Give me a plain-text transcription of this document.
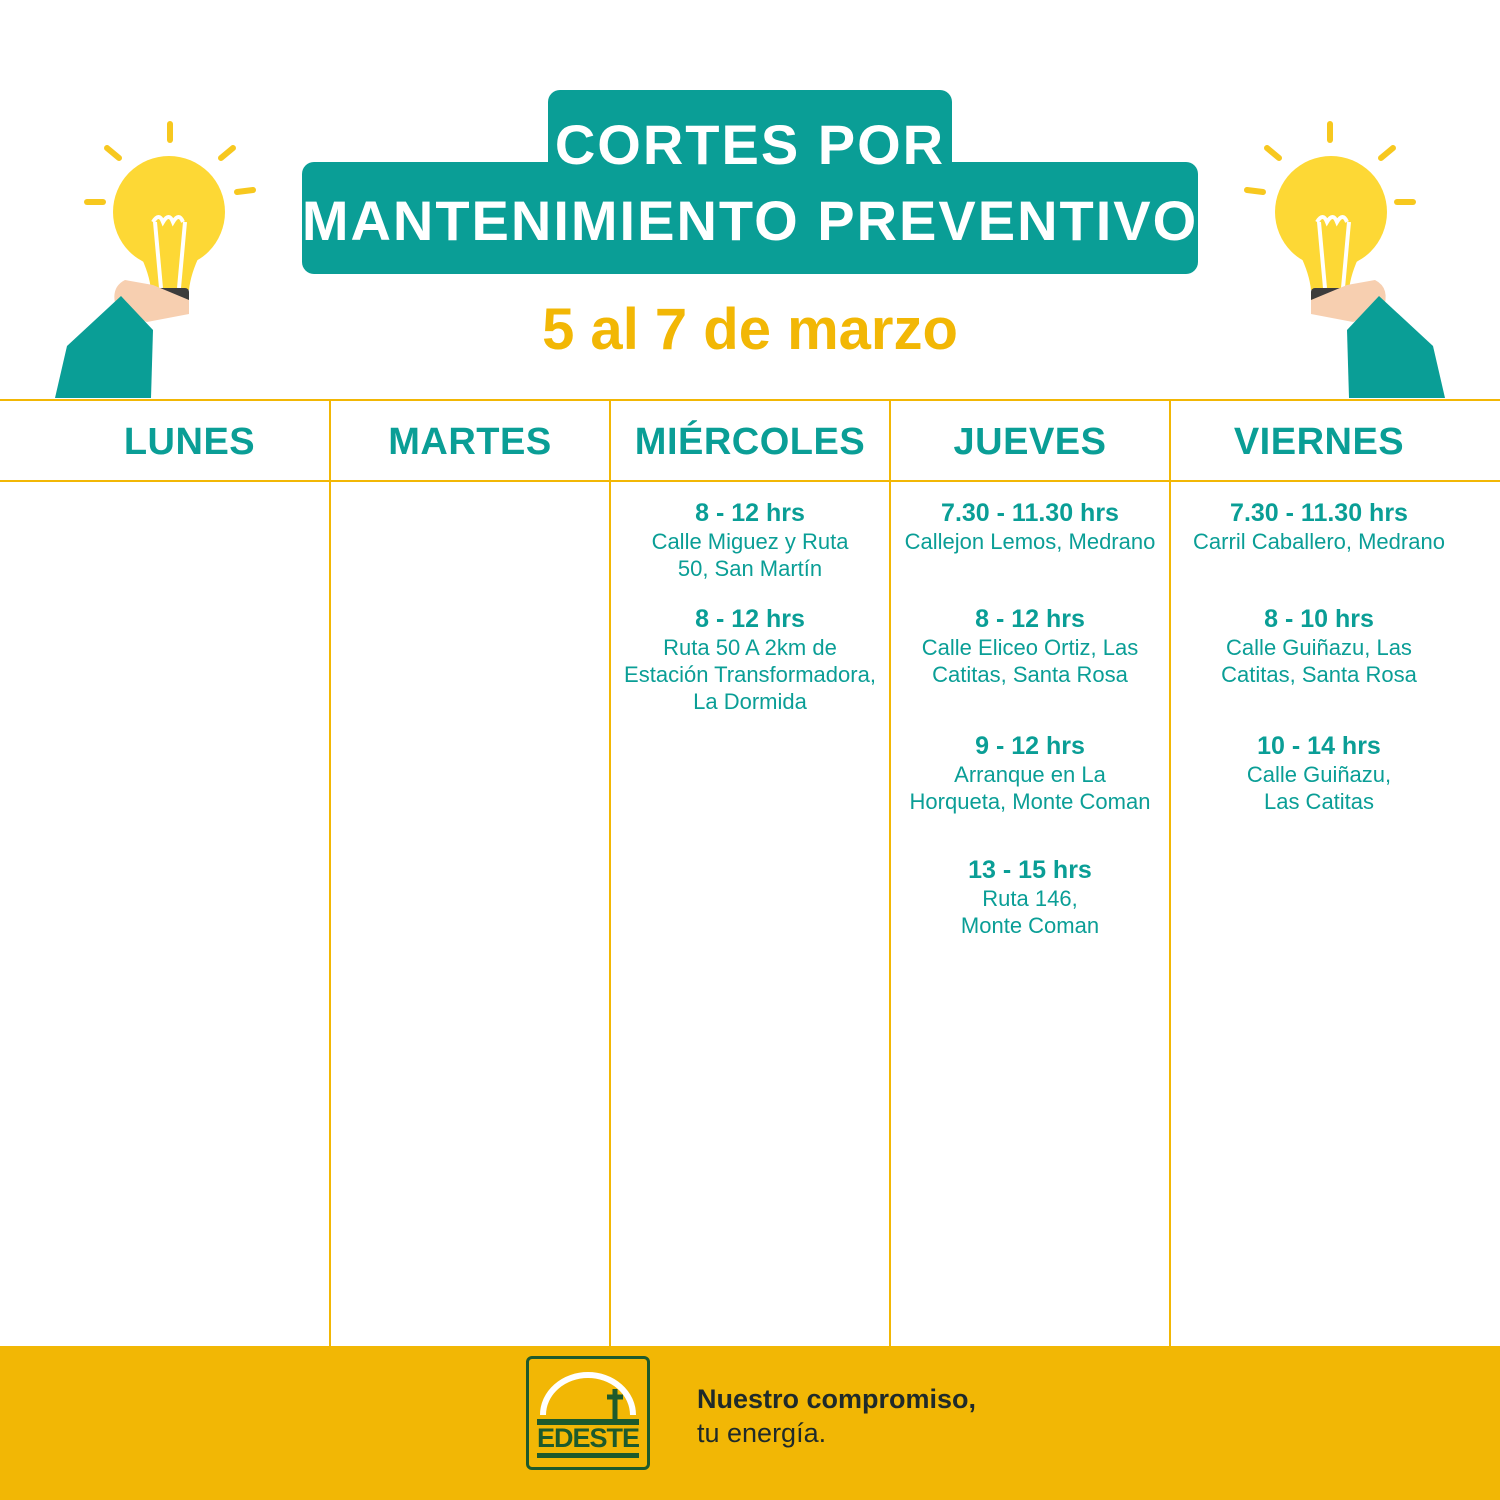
CORTES POR
MANTENIMIENTO PREVENTIVO
5 al 7 de marzo
LUNES	MARTES	MIÉRCOLES
8 - 12 hrs
Calle Miguez y Ruta 50, San Martín
8 - 12 hrs
Ruta 50 A 2km de Estación Transformadora, La Dormida
JUEVES
7.30 - 11.30 hrs
Callejon Lemos, Medrano
8 - 12 hrs
Calle Eliceo Ortiz, Las Catitas, Santa Rosa
9 - 12 hrs
Arranque en La Horqueta, Monte Coman
13 - 15 hrs
Ruta 146, Monte Coman
VIERNES
7.30 - 11.30 hrs
Carril Caballero, Medrano
8 - 10 hrs
Calle Guiñazu, Las Catitas, Santa Rosa
10 - 14 hrs
Calle Guiñazu, Las Catitas
EDESTE
Nuestro compromiso,
tu energía.
